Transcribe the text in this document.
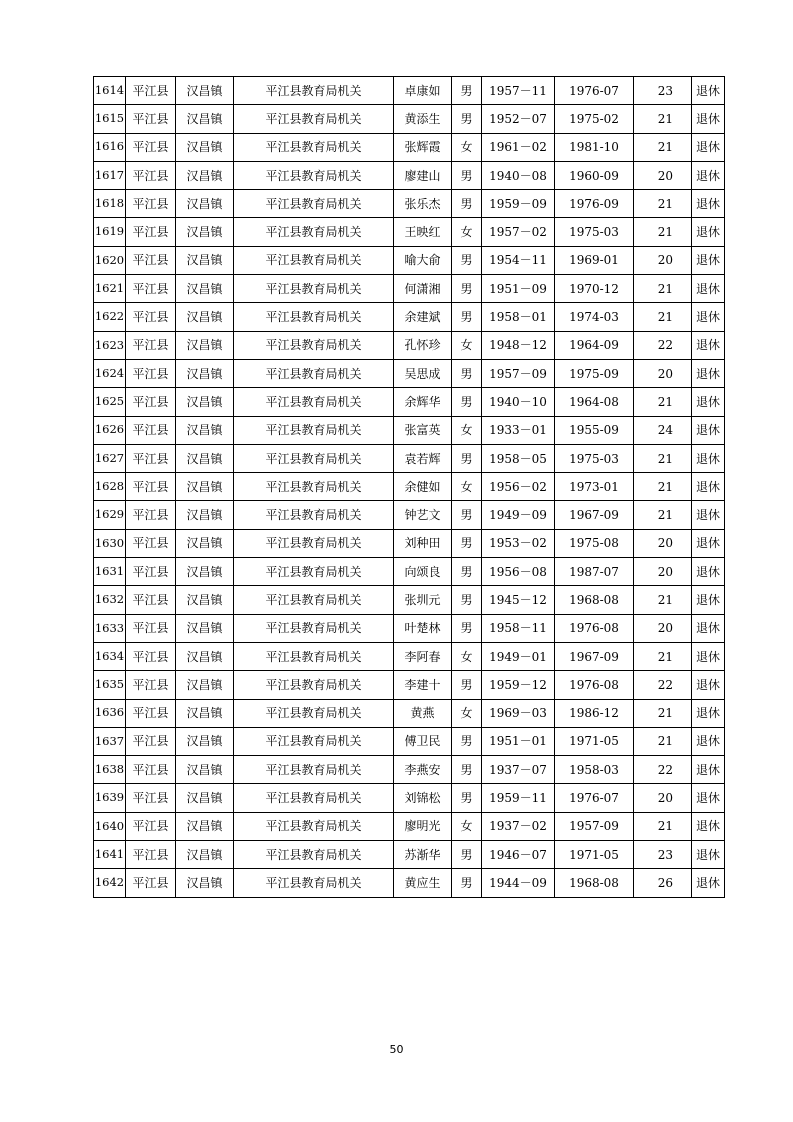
1614	平江县	汉昌镇	平江县教育局机关	卓康如	男	1957－11	1976-07	23	退休
1615	平江县	汉昌镇	平江县教育局机关	黄添生	男	1952－07	1975-02	21	退休
1616	平江县	汉昌镇	平江县教育局机关	张辉霞	女	1961－02	1981-10	21	退休
1617	平江县	汉昌镇	平江县教育局机关	廖建山	男	1940－08	1960-09	20	退休
1618	平江县	汉昌镇	平江县教育局机关	张乐杰	男	1959－09	1976-09	21	退休
1619	平江县	汉昌镇	平江县教育局机关	王映红	女	1957－02	1975-03	21	退休
1620	平江县	汉昌镇	平江县教育局机关	喻大俞	男	1954－11	1969-01	20	退休
1621	平江县	汉昌镇	平江县教育局机关	何潇湘	男	1951－09	1970-12	21	退休
1622	平江县	汉昌镇	平江县教育局机关	余建斌	男	1958－01	1974-03	21	退休
1623	平江县	汉昌镇	平江县教育局机关	孔怀珍	女	1948－12	1964-09	22	退休
1624	平江县	汉昌镇	平江县教育局机关	吴思成	男	1957－09	1975-09	20	退休
1625	平江县	汉昌镇	平江县教育局机关	余辉华	男	1940－10	1964-08	21	退休
1626	平江县	汉昌镇	平江县教育局机关	张富英	女	1933－01	1955-09	24	退休
1627	平江县	汉昌镇	平江县教育局机关	袁若辉	男	1958－05	1975-03	21	退休
1628	平江县	汉昌镇	平江县教育局机关	余健如	女	1956－02	1973-01	21	退休
1629	平江县	汉昌镇	平江县教育局机关	钟艺文	男	1949－09	1967-09	21	退休
1630	平江县	汉昌镇	平江县教育局机关	刘种田	男	1953－02	1975-08	20	退休
1631	平江县	汉昌镇	平江县教育局机关	向颂良	男	1956－08	1987-07	20	退休
1632	平江县	汉昌镇	平江县教育局机关	张圳元	男	1945－12	1968-08	21	退休
1633	平江县	汉昌镇	平江县教育局机关	叶楚林	男	1958－11	1976-08	20	退休
1634	平江县	汉昌镇	平江县教育局机关	李阿春	女	1949－01	1967-09	21	退休
1635	平江县	汉昌镇	平江县教育局机关	李建十	男	1959－12	1976-08	22	退休
1636	平江县	汉昌镇	平江县教育局机关	黄燕	女	1969－03	1986-12	21	退休
1637	平江县	汉昌镇	平江县教育局机关	傅卫民	男	1951－01	1971-05	21	退休
1638	平江县	汉昌镇	平江县教育局机关	李燕安	男	1937－07	1958-03	22	退休
1639	平江县	汉昌镇	平江县教育局机关	刘锦松	男	1959－11	1976-07	20	退休
1640	平江县	汉昌镇	平江县教育局机关	廖明光	女	1937－02	1957-09	21	退休
1641	平江县	汉昌镇	平江县教育局机关	苏渐华	男	1946－07	1971-05	23	退休
1642	平江县	汉昌镇	平江县教育局机关	黄应生	男	1944－09	1968-08	26	退休
50
